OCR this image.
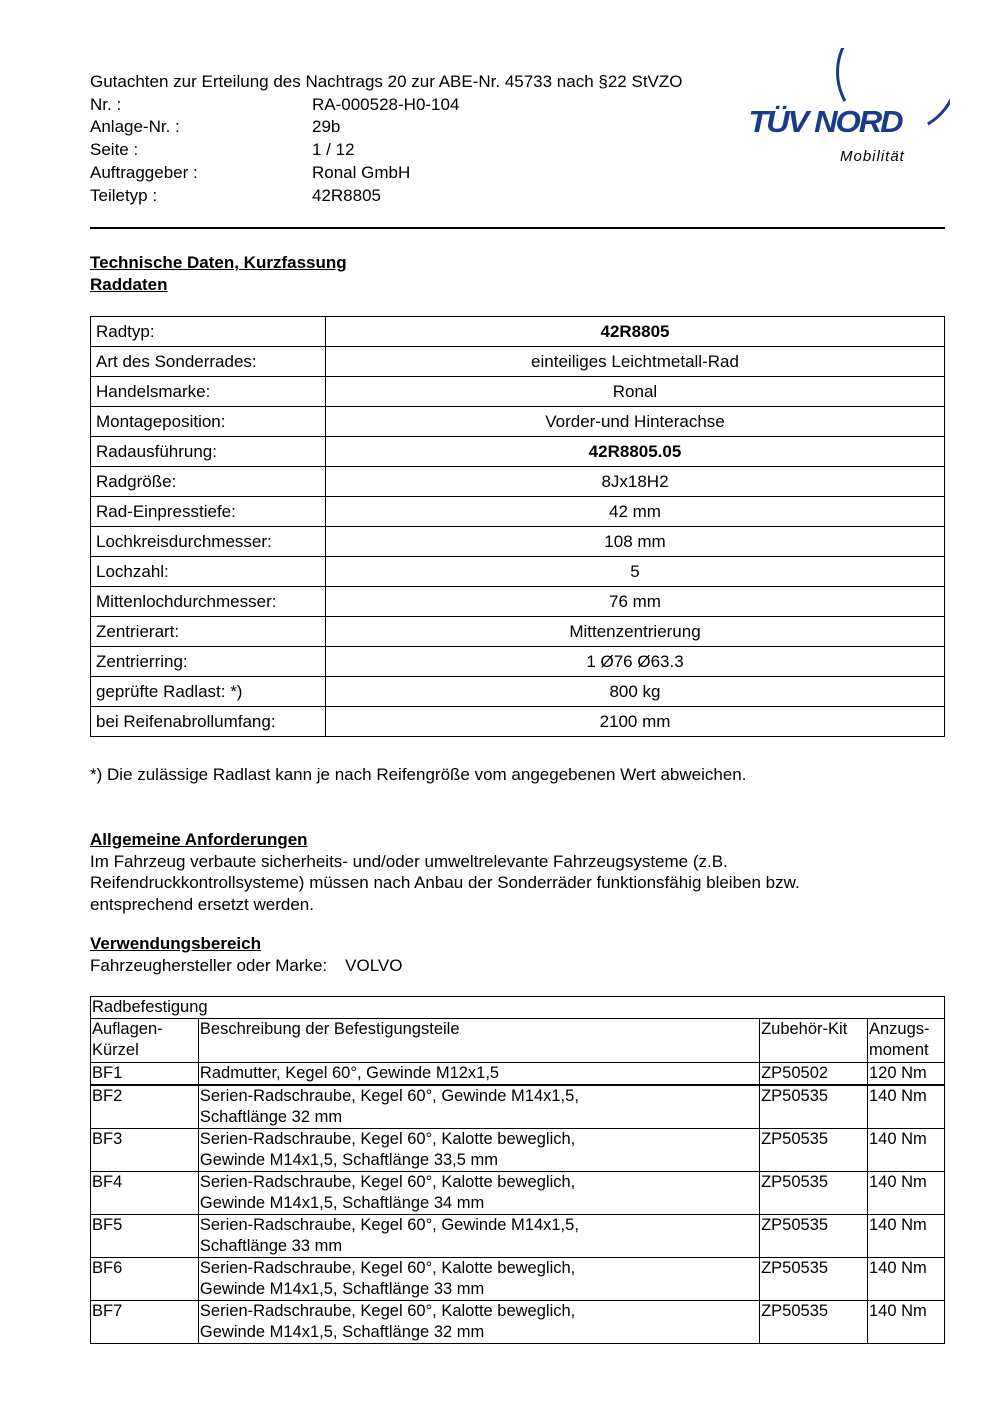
Gutachten zur Erteilung des Nachtrags 20 zur ABE-Nr. 45733 nach §22 StVZO
Nr. :	RA-000528-H0-104
Anlage-Nr. :	29b
Seite :	1 / 12
Auftraggeber :	Ronal GmbH
Teiletyp :	42R8805
TÜV NORD
Mobilität
Technische Daten, Kurzfassung
Raddaten
Radtyp:	42R8805
Art des Sonderrades:	einteiliges Leichtmetall-Rad
Handelsmarke:	Ronal
Montageposition:	Vorder-und Hinterachse
Radausführung:	42R8805.05
Radgröße:	8Jx18H2
Rad-Einpresstiefe:	42 mm
Lochkreisdurchmesser:	108 mm
Lochzahl:	5
Mittenlochdurchmesser:	76 mm
Zentrierart:	Mittenzentrierung
Zentrierring:	1 Ø76 Ø63.3
geprüfte Radlast: *)	800 kg
bei Reifenabrollumfang:	2100 mm
*) Die zulässige Radlast kann je nach Reifengröße vom angegebenen Wert abweichen.
Allgemeine Anforderungen

Im Fahrzeug verbaute sicherheits- und/oder umweltrelevante Fahrzeugsysteme (z.B. Reifendruckkontrollsysteme) müssen nach Anbau der Sonderräder funktionsfähig bleiben bzw. entsprechend ersetzt werden.

Verwendungsbereich
Fahrzeughersteller oder Marke: VOLVO
Radbefestigung			
Auflagen-Kürzel	Beschreibung der Befestigungsteile	Zubehör-Kit	Anzugs-moment
BF1	Radmutter, Kegel 60°, Gewinde M12x1,5	ZP50502	120 Nm
BF2	Serien-Radschraube, Kegel 60°, Gewinde M14x1,5,
Schaftlänge 32 mm	ZP50535	140 Nm
BF3	Serien-Radschraube, Kegel 60°, Kalotte beweglich,
Gewinde M14x1,5, Schaftlänge 33,5 mm	ZP50535	140 Nm
BF4	Serien-Radschraube, Kegel 60°, Kalotte beweglich,
Gewinde M14x1,5, Schaftlänge 34 mm	ZP50535	140 Nm
BF5	Serien-Radschraube, Kegel 60°, Gewinde M14x1,5,
Schaftlänge 33 mm	ZP50535	140 Nm
BF6	Serien-Radschraube, Kegel 60°, Kalotte beweglich,
Gewinde M14x1,5, Schaftlänge 33 mm	ZP50535	140 Nm
BF7	Serien-Radschraube, Kegel 60°, Kalotte beweglich,
Gewinde M14x1,5, Schaftlänge 32 mm	ZP50535	140 Nm
